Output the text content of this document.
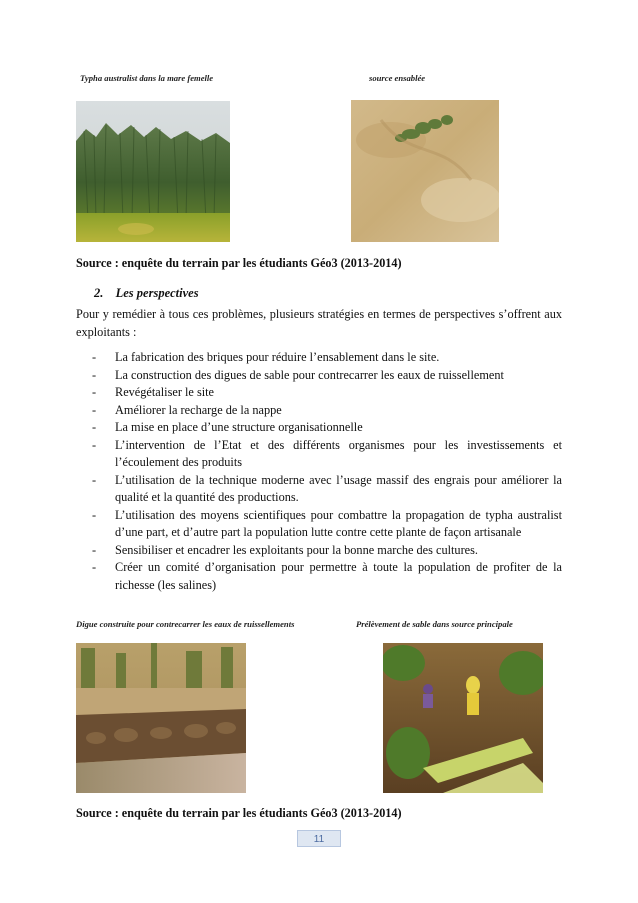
Typha australist dans la mare femelle	source ensablée
Source : enquête du terrain par les étudiants Géo3 (2013-2014)
2. Les perspectives
Pour y remédier à tous ces problèmes, plusieurs stratégies en termes de perspectives s’offrent aux exploitants :
- La fabrication des briques pour réduire l’ensablement dans le site.
- La construction des digues de sable pour contrecarrer les eaux de ruissellement
- Revégétaliser le site
- Améliorer la recharge de la nappe
- La mise en place d’une structure organisationnelle
- L’intervention de l’Etat et des différents organismes pour les investissements et l’écoulement des produits
- L’utilisation de la technique moderne avec l’usage massif des engrais pour améliorer la qualité et la quantité des productions.
- L’utilisation des moyens scientifiques pour combattre la propagation de typha australist d’une part, et d’autre part la population lutte contre cette plante de façon artisanale
- Sensibiliser et encadrer les exploitants pour la bonne marche des cultures.
- Créer un comité d’organisation pour permettre à toute la population de profiter de la richesse (les salines)
Digue construite pour contrecarrer les eaux de ruissellements	Prélèvement de sable dans source principale
Source : enquête du terrain par les étudiants Géo3 (2013-2014)
11
